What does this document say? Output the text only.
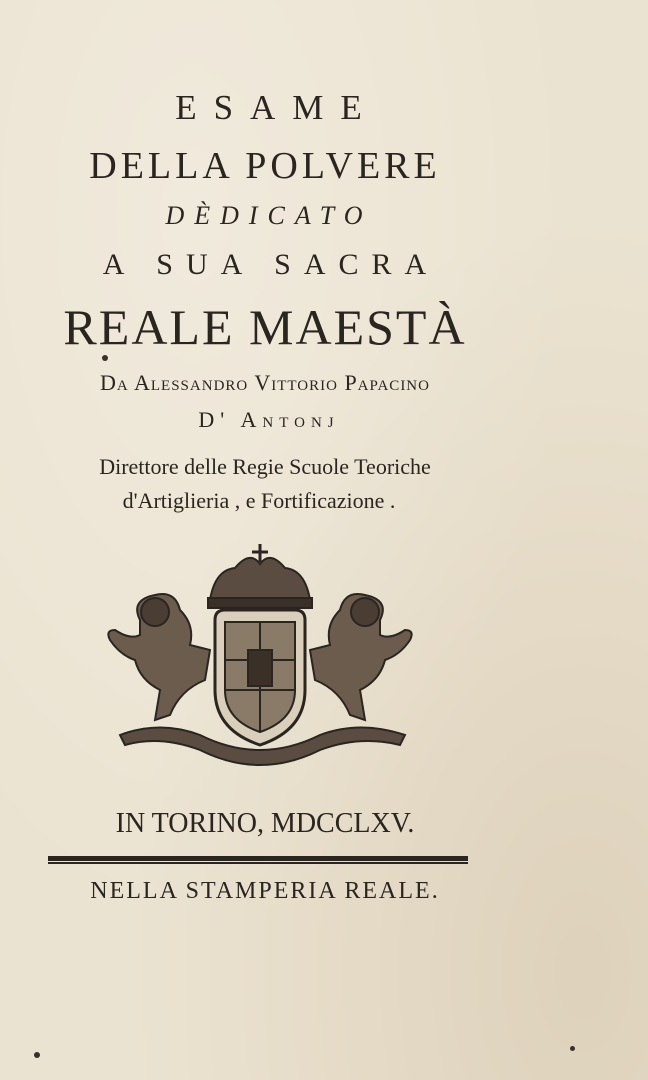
ESAME
DELLA POLVERE
DÈDICATO
A SUA SACRA
REALE MAESTÀ
Da Alessandro Vittorio Papacino
D' Antonj
Direttore delle Regie Scuole Teoriche
d'Artiglieria , e Fortificazione .
IN TORINO, MDCCLXV.
NELLA STAMPERIA REALE.
